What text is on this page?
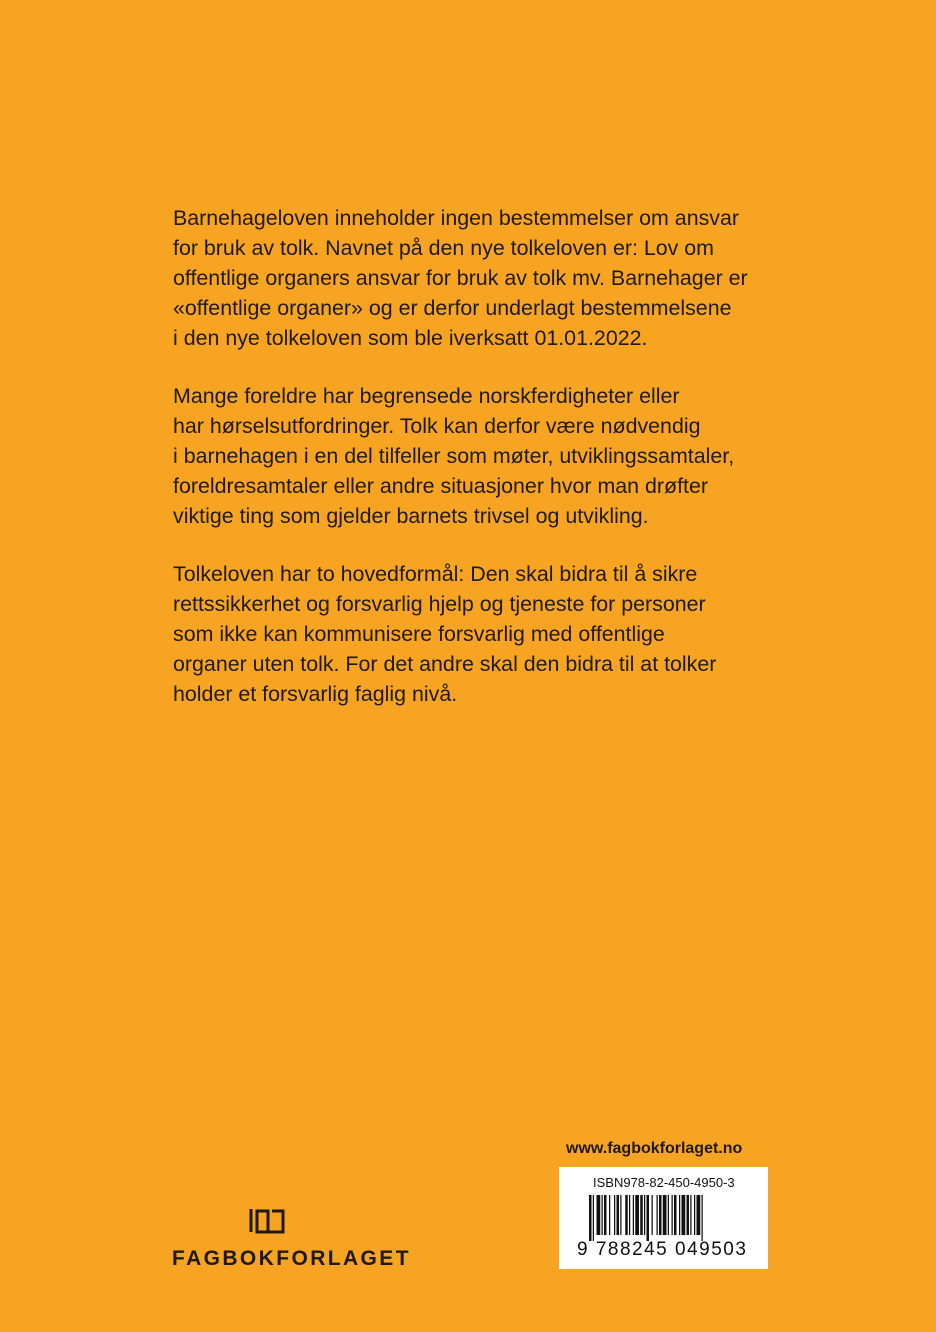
Barnehageloven inneholder ingen bestemmelser om ansvar
for bruk av tolk. Navnet på den nye tolkeloven er: Lov om
offentlige organers ansvar for bruk av tolk mv. Barnehager er
«offentlige organer» og er derfor underlagt bestemmelsene
i den nye tolkeloven som ble iverksatt 01.01.2022.

Mange foreldre har begrensede norskferdigheter eller
har hørselsutfordringer. Tolk kan derfor være nødvendig
i barnehagen i en del tilfeller som møter, utviklingssamtaler,
foreldresamtaler eller andre situasjoner hvor man drøfter
viktige ting som gjelder barnets trivsel og utvikling.

Tolkeloven har to hovedformål: Den skal bidra til å sikre
rettssikkerhet og forsvarlig hjelp og tjeneste for personer
som ikke kan kommunisere forsvarlig med offentlige
organer uten tolk. For det andre skal den bidra til at tolker
holder et forsvarlig faglig nivå.

www.fagbokforlaget.no
ISBN978-82-450-4950-3
9 788245 049503
FAGBOKFORLAGET
